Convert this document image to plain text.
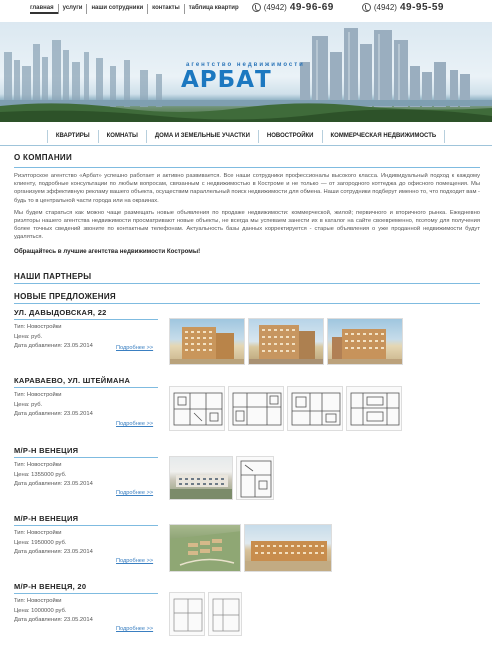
главная	услуги	наши сотрудники	контакты	таблица квартир	(4942) 49-96-69	(4942) 49-95-59
агентство недвижимости
АРБАТ
КВАРТИРЫ	КОМНАТЫ	ДОМА И ЗЕМЕЛЬНЫЕ УЧАСТКИ	НОВОСТРОЙКИ	КОММЕРЧЕСКАЯ НЕДВИЖИМОСТЬ
О КОМПАНИИ

Риэлторское агентство «Арбат» успешно работает и активно развивается. Все наши сотрудники профессионалы высокого класса. Индивидуальный подход к каждому клиенту, подробные консультации по любым вопросам, связанным с недвижимостью в Костроме и не только — от загородного коттеджа до офисного помещения. Мы организуем эффективную рекламу вашего объекта, осуществим параллельный поиск недвижимости для обмена. Наши сотрудники подберут именно то, что подходит вам - будь то в центральной части города или на окраинах.

Мы будем стараться как можно чаще размещать новые объявления по продаже недвижимости: коммерческой, жилой; первичного и вторичного рынка. Ежедневно риэлторы нашего агентства недвижимости просматривают новые объекты, не всегда мы успеваем занести их в каталог на сайте своевременно, поэтому для получения более точных сведений звоните по контактным телефонам. Актуальность базы данных корректируется - старые объявления о уже проданной недвижимости будут удаляться.

Обращайтесь в лучшие агентства недвижимости Костромы!

НАШИ ПАРТНЕРЫ
НОВЫЕ ПРЕДЛОЖЕНИЯ
УЛ. ДАВЫДОВСКАЯ, 22
Тип: Новостройки
Цена: руб.
Дата добавления: 23.05.2014	Подробнее >>
КАРАВАЕВО, УЛ. ШТЕЙМАНА
Тип: Новостройки
Цена: руб.
Дата добавления: 23.05.2014
Подробнее >>
М/Р-Н ВЕНЕЦИЯ
Тип: Новостройки
Цена: 1355000 руб.
Дата добавления: 23.05.2014
Подробнее >>
М/Р-Н ВЕНЕЦИЯ
Тип: Новостройки
Цена: 1950000 руб.
Дата добавления: 23.05.2014
Подробнее >>
М/Р-Н ВЕНЕЦЯ, 20
Тип: Новостройки
Цена: 1000000 руб.
Дата добавления: 23.05.2014
Подробнее >>
